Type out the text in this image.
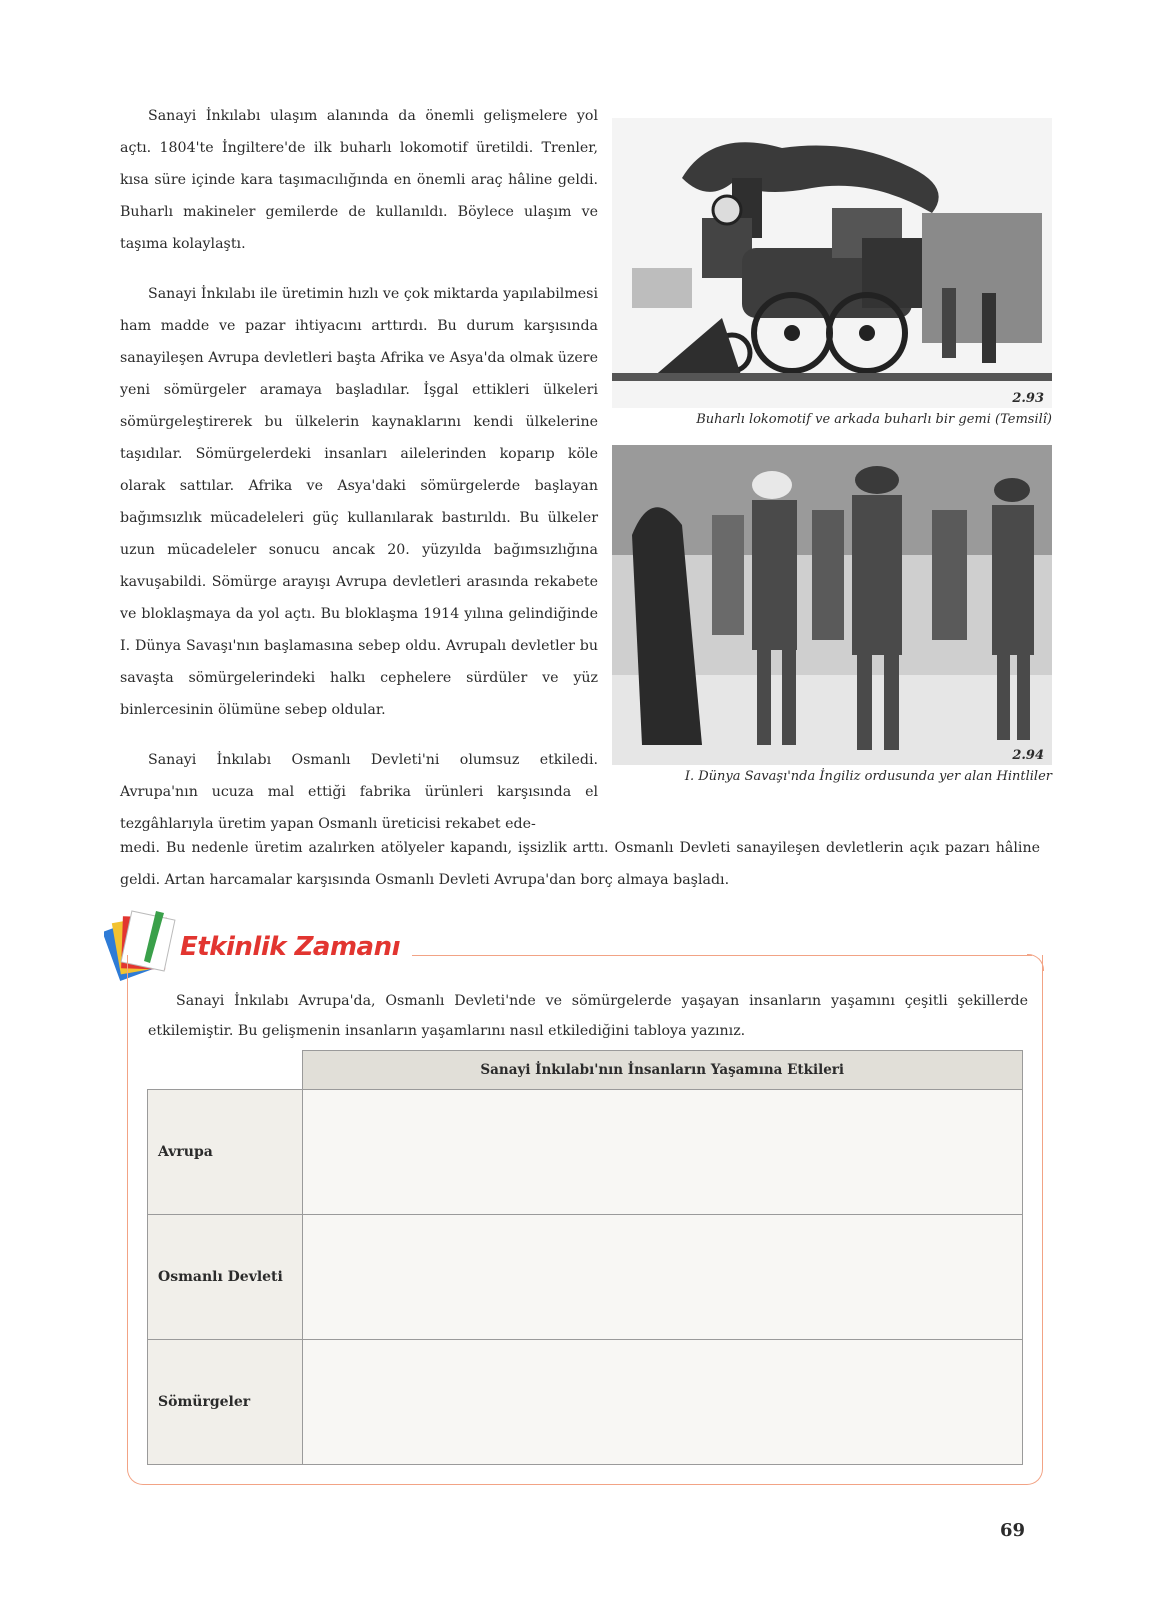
Sanayi İnkılabı ulaşım alanında da önemli gelişmelere yol açtı. 1804'te İngiltere'de ilk buharlı lokomotif üretildi. Trenler, kısa süre içinde kara taşımacılığında en önemli araç hâline geldi. Buharlı makineler gemilerde de kullanıldı. Böylece ulaşım ve taşıma kolaylaştı.

Sanayi İnkılabı ile üretimin hızlı ve çok miktarda yapılabilmesi ham madde ve pazar ihtiyacını arttırdı. Bu durum karşısında sanayileşen Avrupa devletleri başta Afrika ve Asya'da olmak üzere yeni sömürgeler aramaya başladılar. İşgal ettikleri ülkeleri sömürgeleştirerek bu ülkelerin kaynaklarını kendi ülkelerine taşıdılar. Sömürgelerdeki insanları ailelerinden koparıp köle olarak sattılar. Afrika ve Asya'daki sömürgelerde başlayan bağımsızlık mücadeleleri güç kullanılarak bastırıldı. Bu ülkeler uzun mücadeleler sonucu ancak 20. yüzyılda bağımsızlığına kavuşabildi. Sömürge arayışı Avrupa devletleri arasında rekabete ve bloklaşmaya da yol açtı. Bu bloklaşma 1914 yılına gelindiğinde I. Dünya Savaşı'nın başlamasına sebep oldu. Avrupalı devletler bu savaşta sömürgelerindeki halkı cephelere sürdüler ve yüz binlercesinin ölümüne sebep oldular.

Sanayi İnkılabı Osmanlı Devleti'ni olumsuz etkiledi. Avrupa'nın ucuza mal ettiği fabrika ürünleri karşısında el tezgâhlarıyla üretim yapan Osmanlı üreticisi rekabet ede-

medi. Bu nedenle üretim azalırken atölyeler kapandı, işsizlik arttı. Osmanlı Devleti sanayileşen devletlerin açık pazarı hâline geldi. Artan harcamalar karşısında Osmanlı Devleti Avrupa'dan borç almaya başladı.

2.93
Buharlı lokomotif ve arkada buharlı bir gemi (Temsilî)
2.94
I. Dünya Savaşı'nda İngiliz ordusunda yer alan Hintliler
Etkinlik Zamanı

Sanayi İnkılabı Avrupa'da, Osmanlı Devleti'nde ve sömürgelerde yaşayan insanların yaşamını çeşitli şekillerde etkilemiştir. Bu gelişmenin insanların yaşamlarını nasıl etkilediğini tabloya yazınız.

	Sanayi İnkılabı'nın İnsanların Yaşamına Etkileri
Avrupa	
Osmanlı Devleti	
Sömürgeler	
69
